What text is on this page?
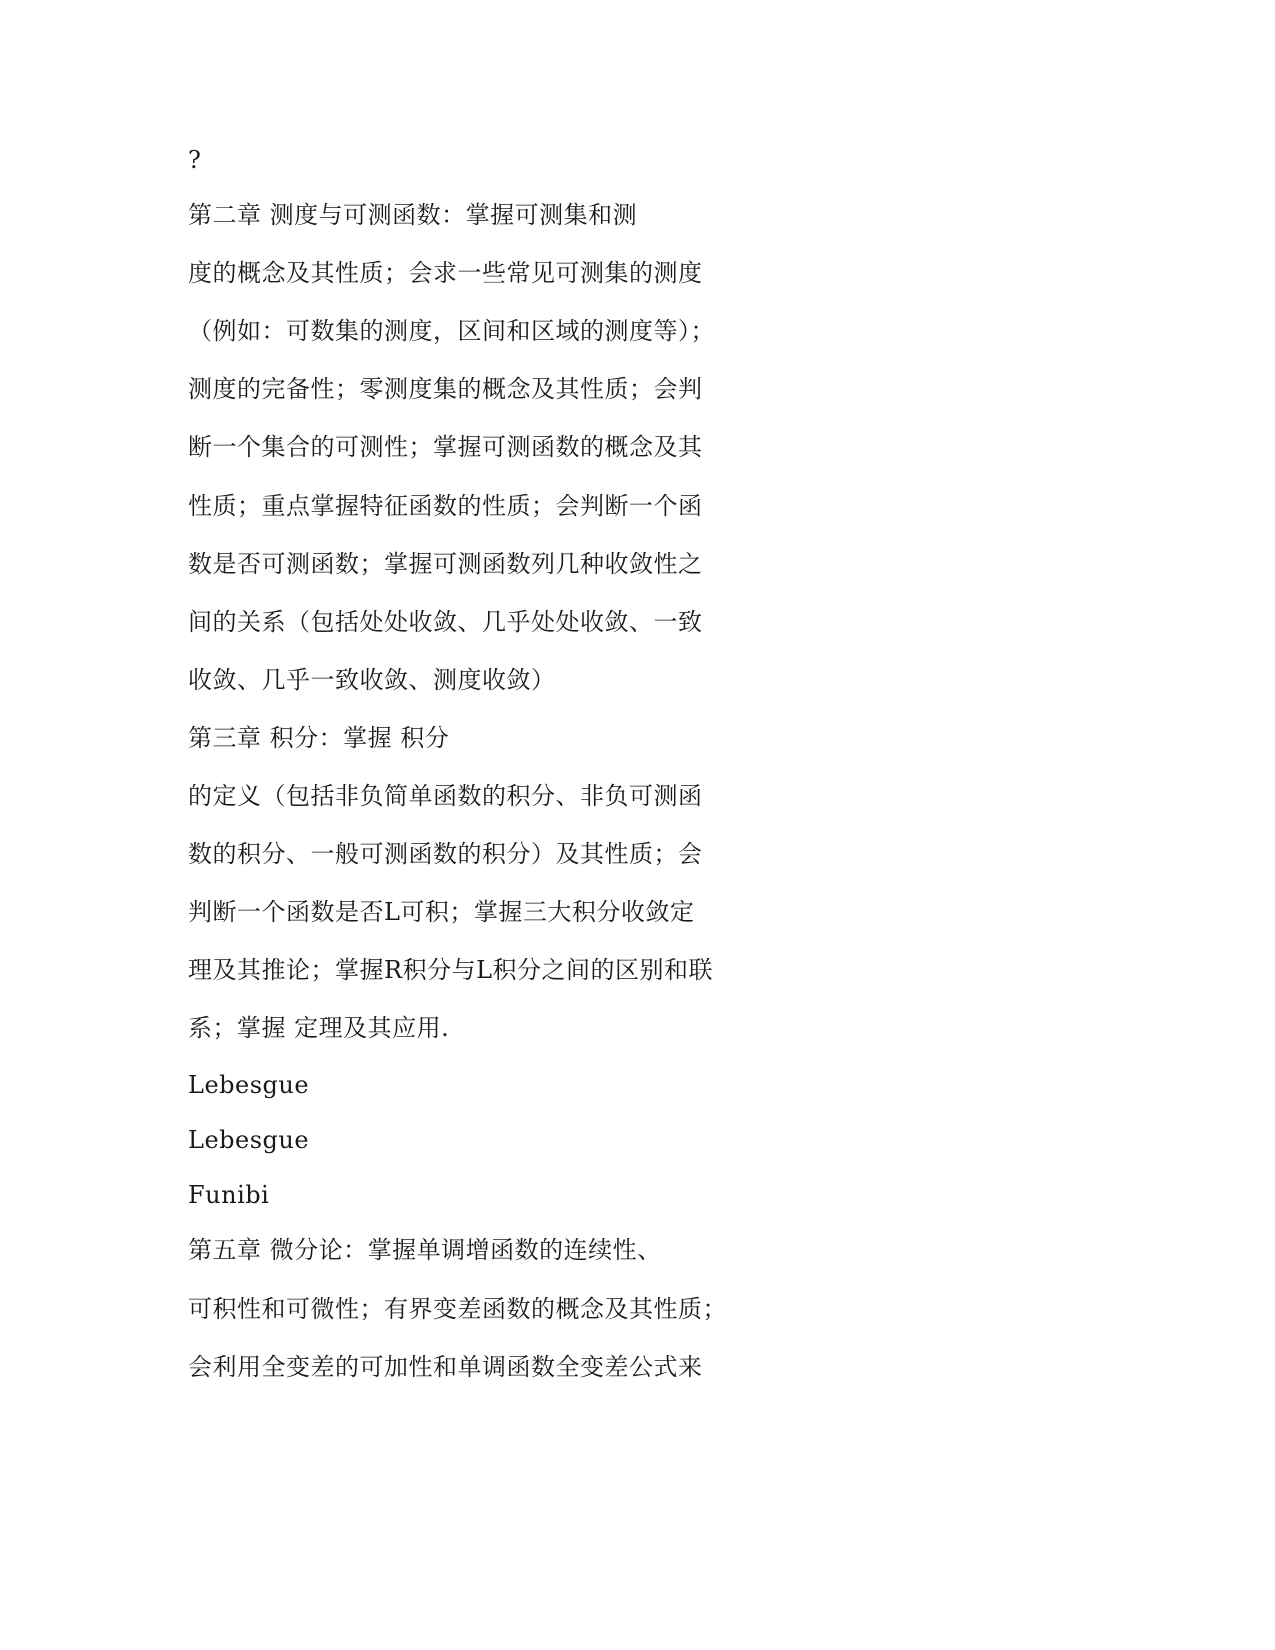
?
第二章 测度与可测函数：掌握可测集和测
度的概念及其性质；会求一些常见可测集的测度
（例如：可数集的测度，区间和区域的测度等）；
测度的完备性；零测度集的概念及其性质；会判
断一个集合的可测性；掌握可测函数的概念及其
性质；重点掌握特征函数的性质；会判断一个函
数是否可测函数；掌握可测函数列几种收敛性之
间的关系（包括处处收敛、几乎处处收敛、一致
收敛、几乎一致收敛、测度收敛）
第三章 积分：掌握 积分
的定义（包括非负简单函数的积分、非负可测函
数的积分、一般可测函数的积分）及其性质；会
判断一个函数是否L可积；掌握三大积分收敛定
理及其推论；掌握R积分与L积分之间的区别和联
系；掌握 定理及其应用.
Lebesgue
Lebesgue
Funibi
第五章 微分论：掌握单调增函数的连续性、
可积性和可微性；有界变差函数的概念及其性质；
会利用全变差的可加性和单调函数全变差公式来
